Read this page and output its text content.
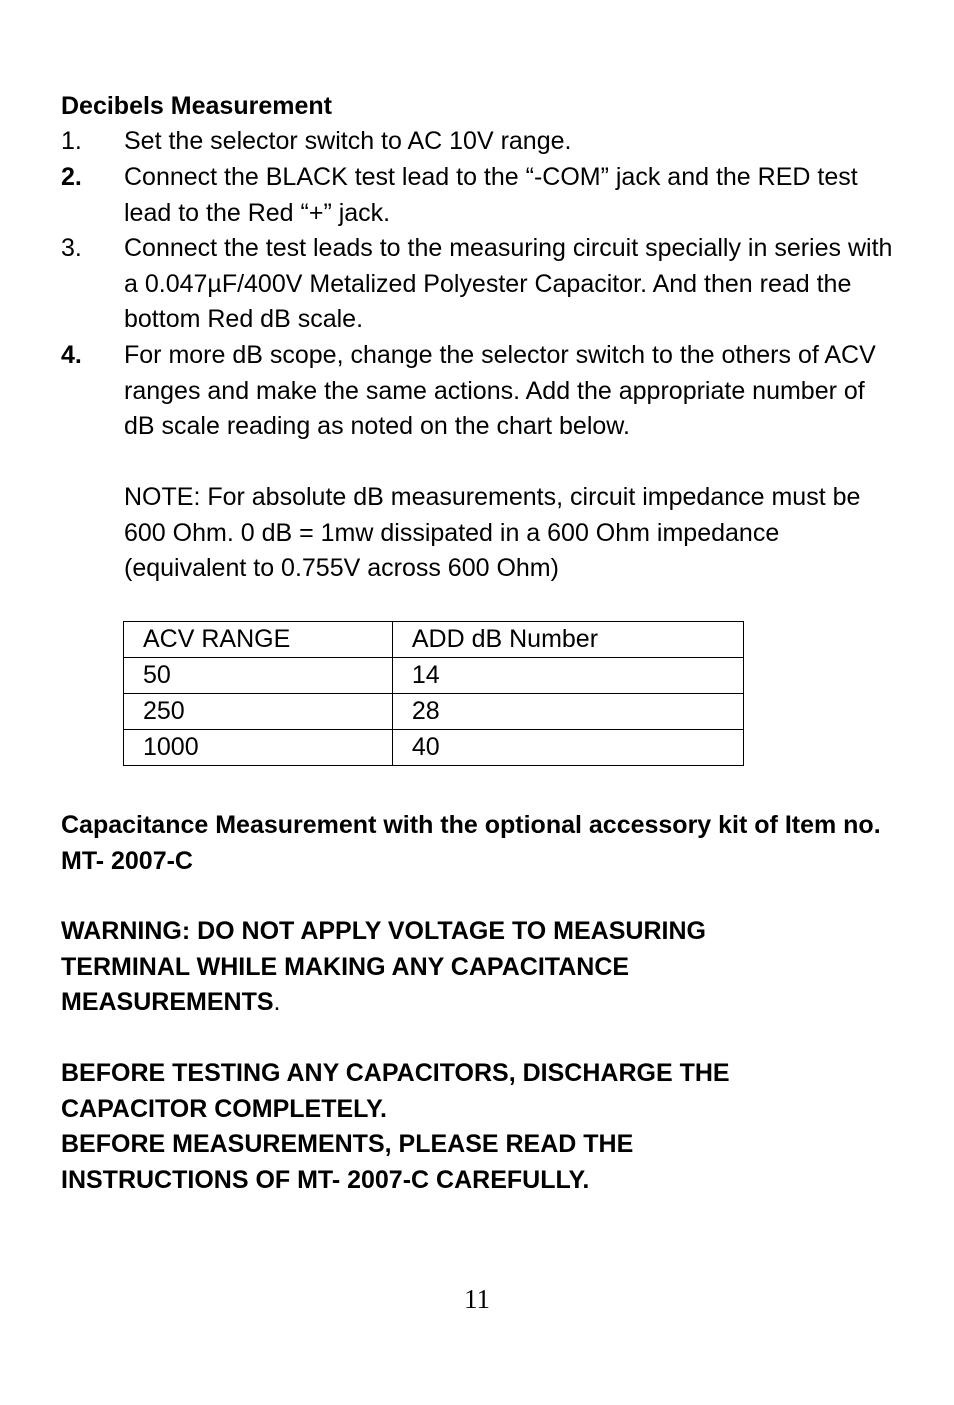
Decibels Measurement
1.	Set the selector switch to AC 10V range.
2.	Connect the BLACK test lead to the “-COM” jack and the RED test lead to the Red “+” jack.
3.	Connect the test leads to the measuring circuit specially in series with a 0.047µF/400V Metalized Polyester Capacitor. And then read the bottom Red dB scale.
4.	For more dB scope, change the selector switch to the others of ACV ranges and make the same actions. Add the appropriate number of dB scale reading as noted on the chart below.
NOTE: For absolute dB measurements, circuit impedance must be 600 Ohm. 0 dB = 1mw dissipated in a 600 Ohm impedance (equivalent to 0.755V across 600 Ohm)
ACV RANGE	ADD dB Number
50	14
250	28
1000	40
Capacitance Measurement with the optional accessory kit of Item no. MT- 2007-C
WARNING: DO NOT APPLY VOLTAGE TO MEASURING TERMINAL WHILE MAKING ANY CAPACITANCE MEASUREMENTS.
BEFORE TESTING ANY CAPACITORS, DISCHARGE THE CAPACITOR COMPLETELY.
BEFORE MEASUREMENTS, PLEASE READ THE INSTRUCTIONS OF MT- 2007-C CAREFULLY.
11
